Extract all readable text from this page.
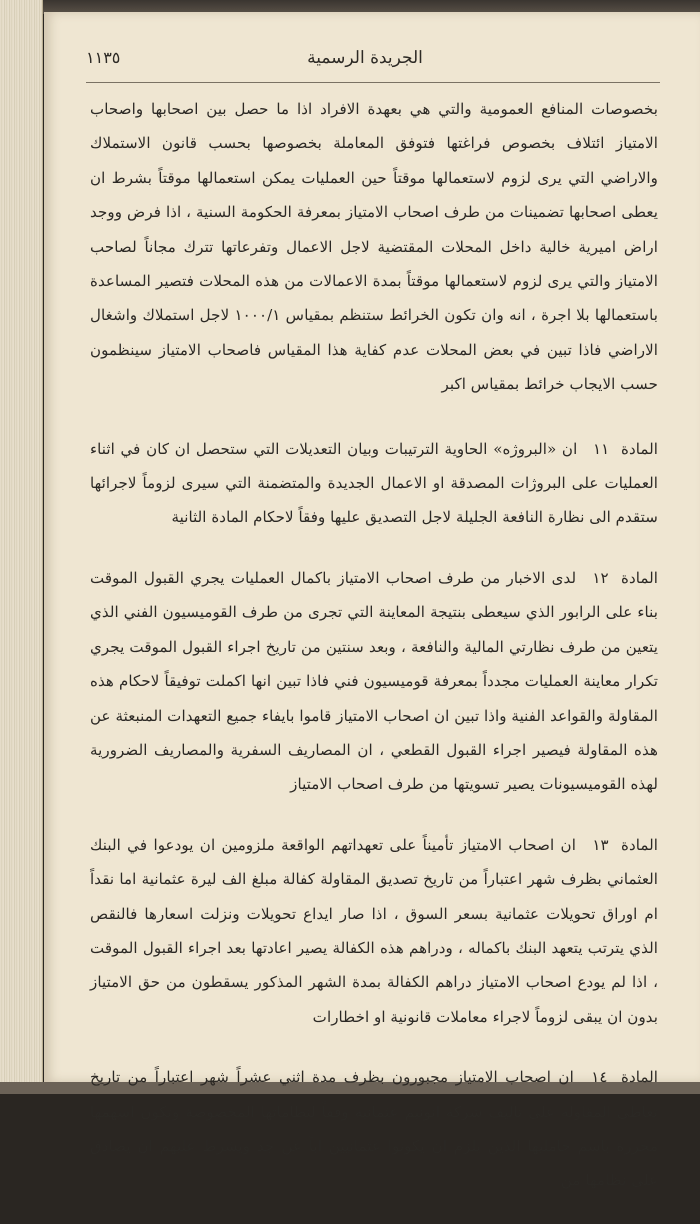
الجريدة الرسمية
١١٣٥

بخصوصات المنافع العمومية والتي هي بعهدة الافراد اذا ما حصل بين اصحابها واصحاب الامتياز ائتلاف بخصوص فراغتها فتوفق المعاملة بخصوصها بحسب قانون الاستملاك والاراضي التي يرى لزوم لاستعمالها موقتاً حين العمليات يمكن استعمالها موقتاً بشرط ان يعطى اصحابها تضمينات من طرف اصحاب الامتياز بمعرفة الحكومة السنية ، اذا فرض ووجد اراض اميرية خالية داخل المحلات المقتضية لاجل الاعمال وتفرعاتها تترك مجاناً لصاحب الامتياز والتي يرى لزوم لاستعمالها موقتاً بمدة الاعمالات من هذه المحلات فتصير المساعدة باستعمالها بلا اجرة ، انه وان تكون الخرائط ستنظم بمقياس ١٠٠٠/١ لاجل استملاك واشغال الاراضي فاذا تبين في بعض المحلات عدم كفاية هذا المقياس فاصحاب الامتياز سينظمون حسب الايجاب خرائط بمقياس اكبر

المادة ١١ ان «البروژه» الحاوية الترتيبات وبيان التعديلات التي ستحصل ان كان في اثناء العمليات على البروژات المصدقة او الاعمال الجديدة والمتضمنة التي سيرى لزوماً لاجرائها ستقدم الى نظارة النافعة الجليلة لاجل التصديق عليها وفقاً لاحكام المادة الثانية

المادة ١٢ لدى الاخبار من طرف اصحاب الامتياز باكمال العمليات يجري القبول الموقت بناء على الرابور الذي سيعطى بنتيجة المعاينة التي تجرى من طرف القوميسيون الفني الذي يتعين من طرف نظارتي المالية والنافعة ، وبعد سنتين من تاريخ اجراء القبول الموقت يجري تكرار معاينة العمليات مجدداً بمعرفة قوميسيون فني فاذا تبين انها اكملت توفيقاً لاحكام هذه المقاولة والقواعد الفنية واذا تبين ان اصحاب الامتياز قاموا بايفاء جميع التعهدات المنبعثة عن هذه المقاولة فيصير اجراء القبول القطعي ، ان المصاريف السفرية والمصاريف الضرورية لهذه القوميسيونات يصير تسويتها من طرف اصحاب الامتياز

المادة ١٣ ان اصحاب الامتياز تأميناً على تعهداتهم الواقعة ملزومين ان يودعوا في البنك العثماني بظرف شهر اعتباراً من تاريخ تصديق المقاولة كفالة مبلغ الف ليرة عثمانية اما نقداً ام اوراق تحويلات عثمانية بسعر السوق ، اذا صار ايداع تحويلات ونزلت اسعارها فالنقص الذي يترتب يتعهد البنك باكماله ، ودراهم هذه الكفالة يصير اعادتها بعد اجراء القبول الموقت ، اذا لم يودع اصحاب الامتياز دراهم الكفالة بمدة الشهر المذكور يسقطون من حق الامتياز بدون ان يبقى لزوماً لاجراء معاملات قانونية او اخطارات

المادة ١٤ ان اصحاب الامتياز مجبورون بظرف مدة اثني عشراً شهر اعتباراً من تاريخ تعاطي المقاولة على تأليف شركة انونيم عثمانية وفقاً لنظاماتها المخصوصة وتكون اسهمها محررة باسم حامليها الذين يلزم ان يكونوا عثمانيين اباً عن جد ويشرط عليهم ان يصادق على نظامها من
